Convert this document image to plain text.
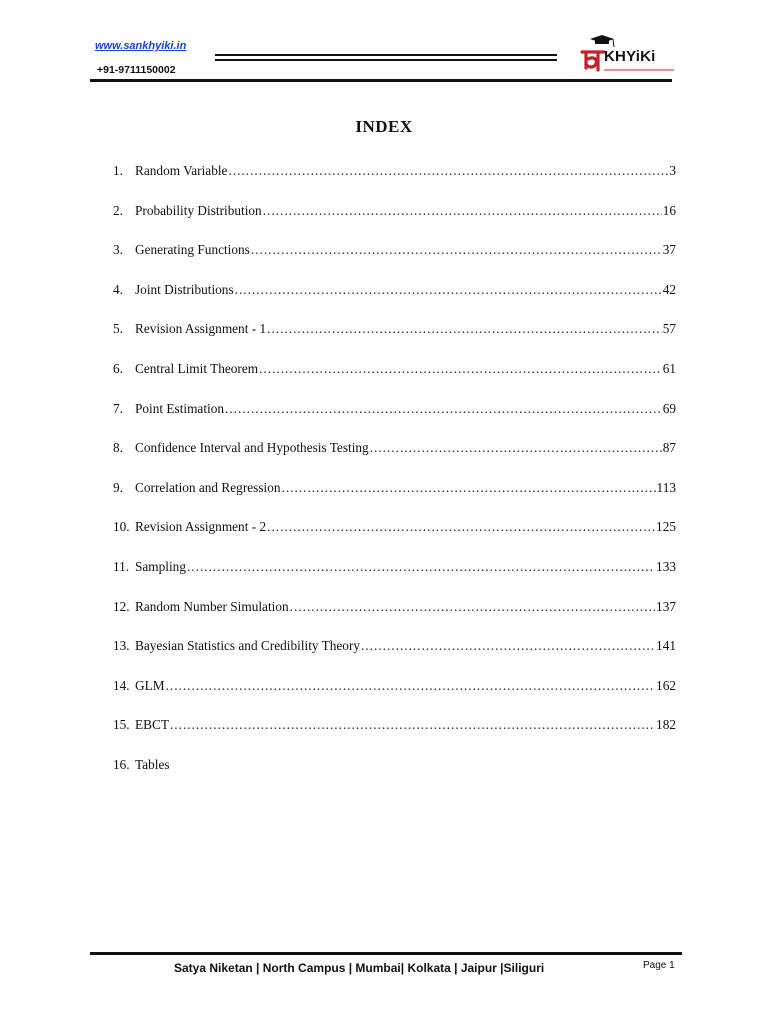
www.sankhyiki.in
+91-9711150002
KHYiKi
INDEX
1. Random Variable .....	3
2. Probability Distribution .....	16
3. Generating Functions .....	37
4. Joint Distributions .....	42
5. Revision Assignment - 1 .....	57
6. Central Limit Theorem .....	61
7. Point Estimation .....	69
8. Confidence Interval and Hypothesis Testing .....	87
9. Correlation and Regression .....	113
10. Revision Assignment - 2 .....	125
11. Sampling .....	133
12. Random Number Simulation .....	137
13. Bayesian Statistics and Credibility Theory .....	141
14. GLM .....	162
15. EBCT .....	182
16. Tables
Satya Niketan | North Campus | Mumbai| Kolkata | Jaipur |Siliguri	Page 1
